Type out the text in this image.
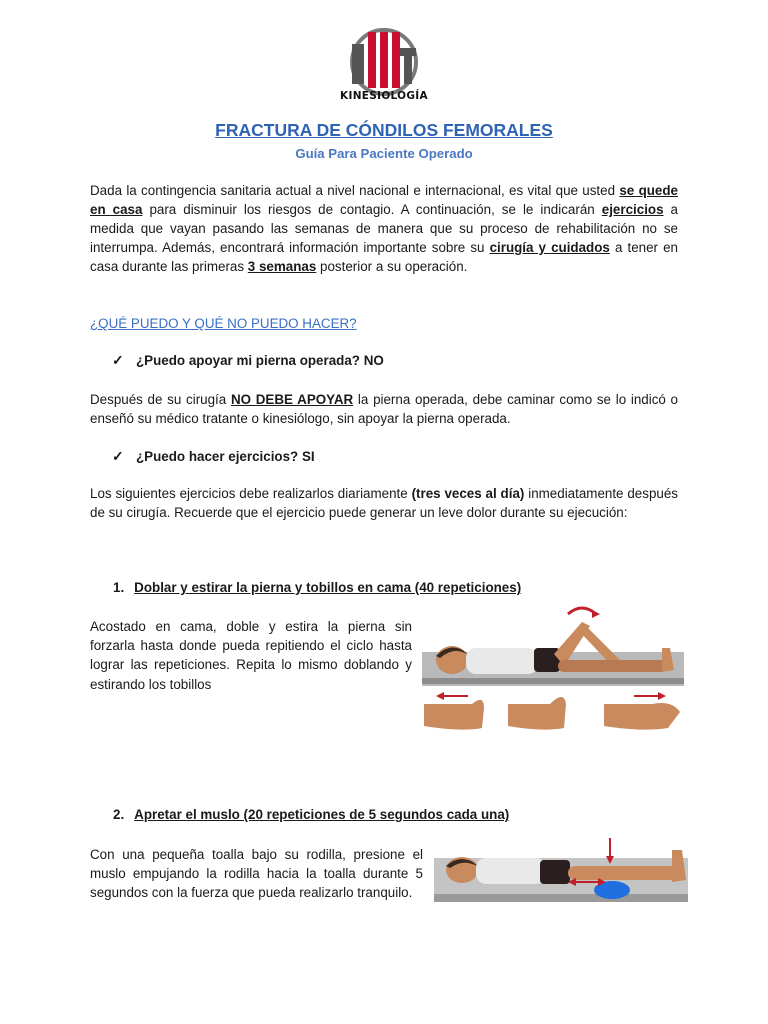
KINESIOLOGÍA
FRACTURA DE CÓNDILOS FEMORALES
Guía Para Paciente Operado
Dada la contingencia sanitaria actual a nivel nacional e internacional, es vital que usted se quede en casa para disminuir los riesgos de contagio. A continuación, se le indicarán ejercicios a medida que vayan pasando las semanas de manera que su proceso de rehabilitación no se interrumpa. Además, encontrará información importante sobre su cirugía y cuidados a tener en casa durante las primeras 3 semanas posterior a su operación.
¿QUÉ PUEDO Y QUÉ NO PUEDO HACER?
✓ ¿Puedo apoyar mi pierna operada? NO
Después de su cirugía NO DEBE APOYAR la pierna operada, debe caminar como se lo indicó o enseñó su médico tratante o kinesiólogo, sin apoyar la pierna operada.
✓ ¿Puedo hacer ejercicios? SI
Los siguientes ejercicios debe realizarlos diariamente (tres veces al día) inmediatamente después de su cirugía. Recuerde que el ejercicio puede generar un leve dolor durante su ejecución:
1. Doblar y estirar la pierna y tobillos en cama (40 repeticiones)
Acostado en cama, doble y estira la pierna sin forzarla hasta donde pueda repitiendo el ciclo hasta lograr las repeticiones. Repita lo mismo doblando y estirando los tobillos
2. Apretar el muslo (20 repeticiones de 5 segundos cada una)
Con una pequeña toalla bajo su rodilla, presione el muslo empujando la rodilla hacia la toalla durante 5 segundos con la fuerza que pueda realizarlo tranquilo.
